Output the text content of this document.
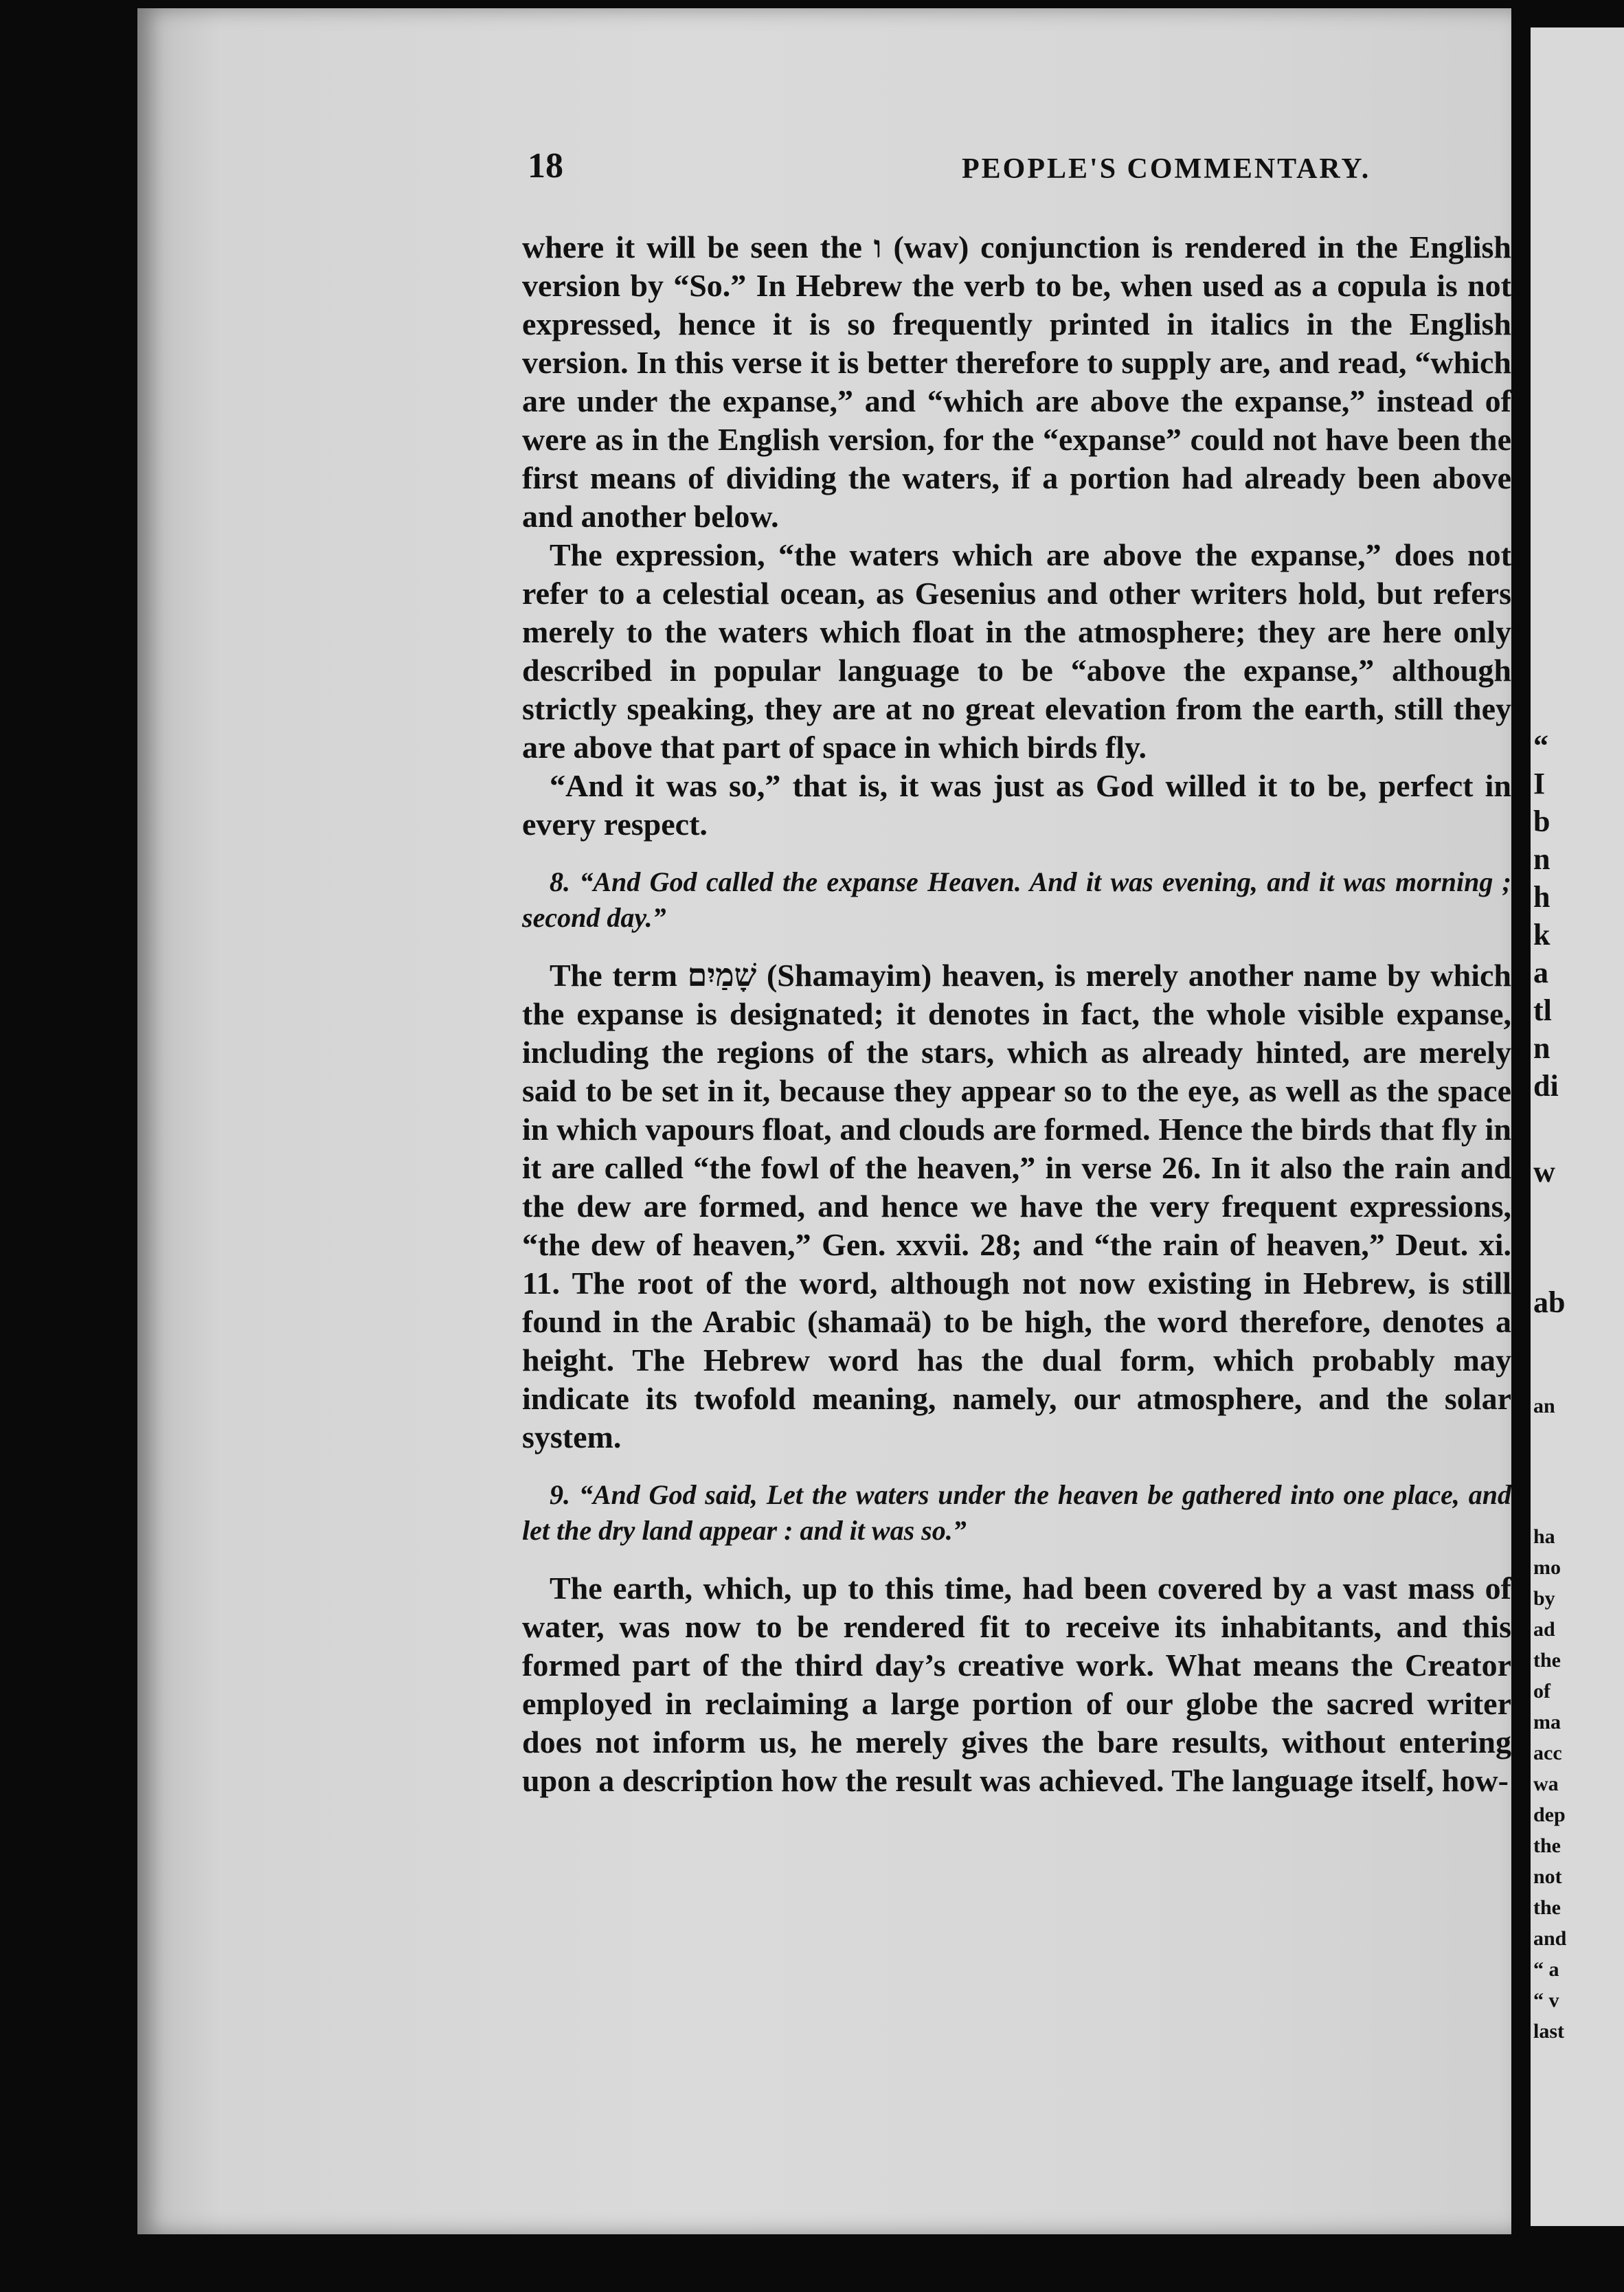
18	PEOPLE'S COMMENTARY.

where it will be seen the ו (wav) conjunction is rendered in the English version by “So.” In Hebrew the verb to be, when used as a copula is not expressed, hence it is so frequently printed in italics in the English version. In this verse it is better therefore to supply are, and read, “which are under the expanse,” and “which are above the expanse,” instead of were as in the English version, for the “expanse” could not have been the first means of dividing the waters, if a portion had already been above and another below.

The expression, “the waters which are above the expanse,” does not refer to a celestial ocean, as Gesenius and other writers hold, but refers merely to the waters which float in the atmosphere; they are here only described in popular language to be “above the expanse,” although strictly speaking, they are at no great elevation from the earth, still they are above that part of space in which birds fly.

“And it was so,” that is, it was just as God willed it to be, perfect in every respect.

8. “And God called the expanse Heaven. And it was evening, and it was morning ; second day.”

The term שָׁמַיִם (Shamayim) heaven, is merely another name by which the expanse is designated; it denotes in fact, the whole visible expanse, including the regions of the stars, which as already hinted, are merely said to be set in it, because they appear so to the eye, as well as the space in which vapours float, and clouds are formed. Hence the birds that fly in it are called “the fowl of the heaven,” in verse 26. In it also the rain and the dew are formed, and hence we have the very frequent expressions, “the dew of heaven,” Gen. xxvii. 28; and “the rain of heaven,” Deut. xi. 11. The root of the word, although not now existing in Hebrew, is still found in the Arabic (shamaä) to be high, the word therefore, denotes a height. The Hebrew word has the dual form, which probably may indicate its twofold meaning, namely, our atmosphere, and the solar system.

9. “And God said, Let the waters under the heaven be gathered into one place, and let the dry land appear : and it was so.”

The earth, which, up to this time, had been covered by a vast mass of water, was now to be rendered fit to receive its inhabitants, and this formed part of the third day’s creative work. What means the Creator employed in reclaiming a large portion of our globe the sacred writer does not inform us, he merely gives the bare results, without entering upon a description how the result was achieved. The language itself, how-

“
I
b
n
h
k
a
tl
n
di
w
ab
an
ha
mo
by
ad
the
of
ma
acc
wa
dep
the
not
the
and
“ a
“ v
last
